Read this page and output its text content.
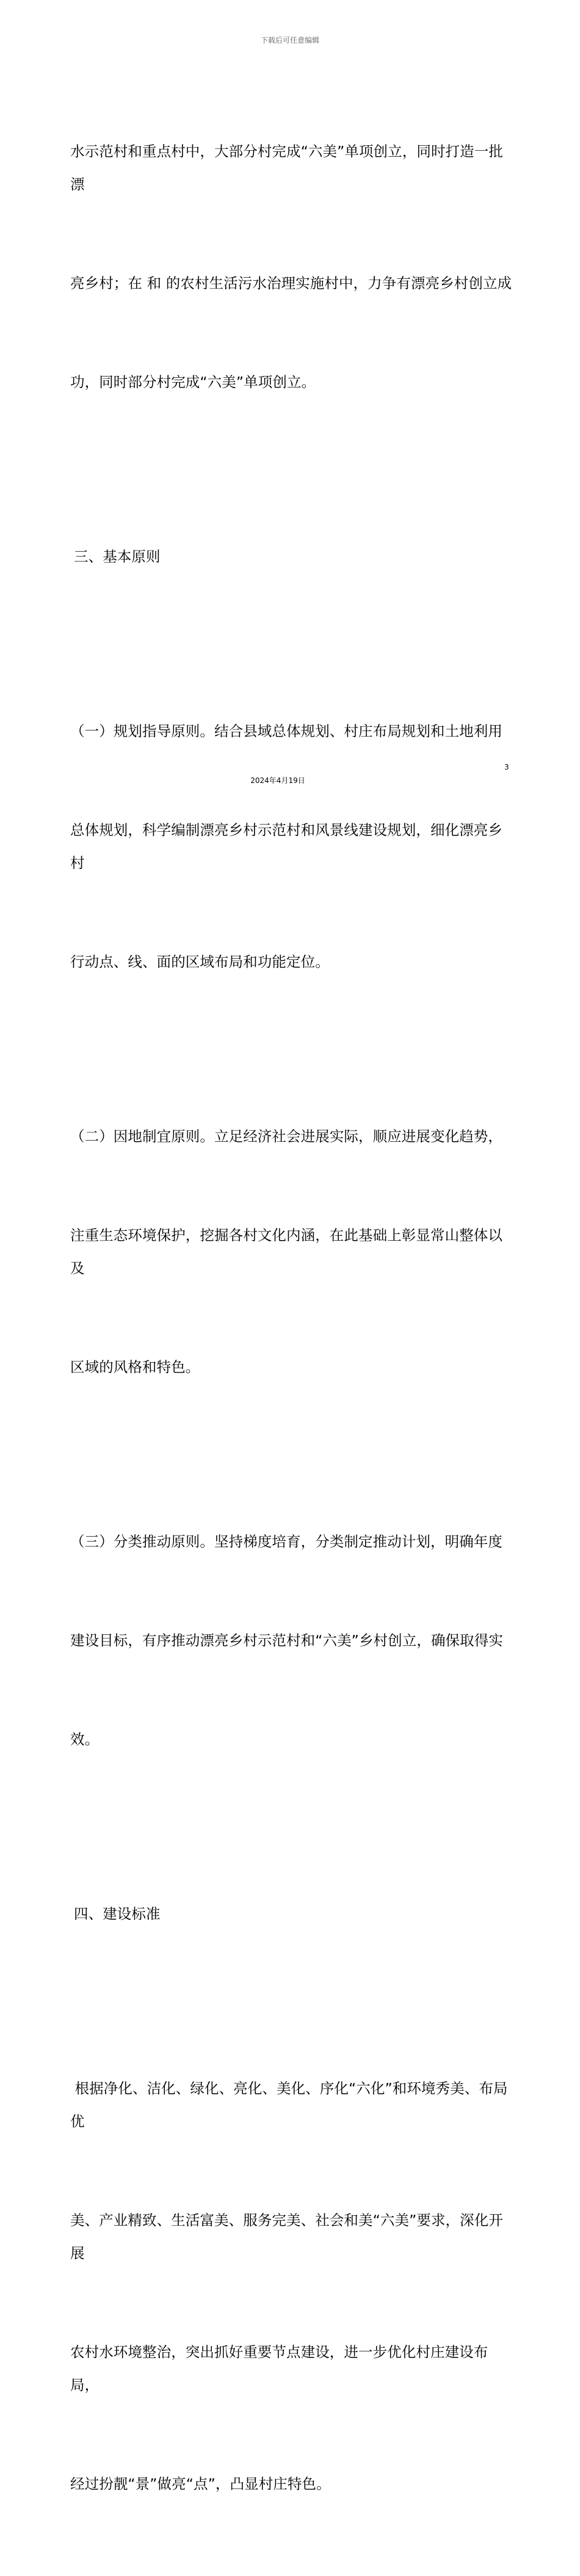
下载后可任意编辑

水示范村和重点村中，大部分村完成“六美”单项创立，同时打造一批漂

亮乡村；在 和 的农村生活污水治理实施村中，力争有漂亮乡村创立成

功，同时部分村完成“六美”单项创立。

三、基本原则

（一）规划指导原则。结合县域总体规划、村庄布局规划和土地利用

总体规划，科学编制漂亮乡村示范村和风景线建设规划，细化漂亮乡村

行动点、线、面的区域布局和功能定位。

（二）因地制宜原则。立足经济社会进展实际，顺应进展变化趋势，

注重生态环境保护，挖掘各村文化内涵，在此基础上彰显常山整体以及

区域的风格和特色。

（三）分类推动原则。坚持梯度培育，分类制定推动计划，明确年度

建设目标，有序推动漂亮乡村示范村和“六美”乡村创立，确保取得实

效。

四、建设标准

根据净化、洁化、绿化、亮化、美化、序化“六化”和环境秀美、布局优

美、产业精致、生活富美、服务完美、社会和美“六美”要求，深化开展

农村水环境整治，突出抓好重要节点建设，进一步优化村庄建设布局，

经过扮靓“景”做亮“点”，凸显村庄特色。

3
2024年4月19日
